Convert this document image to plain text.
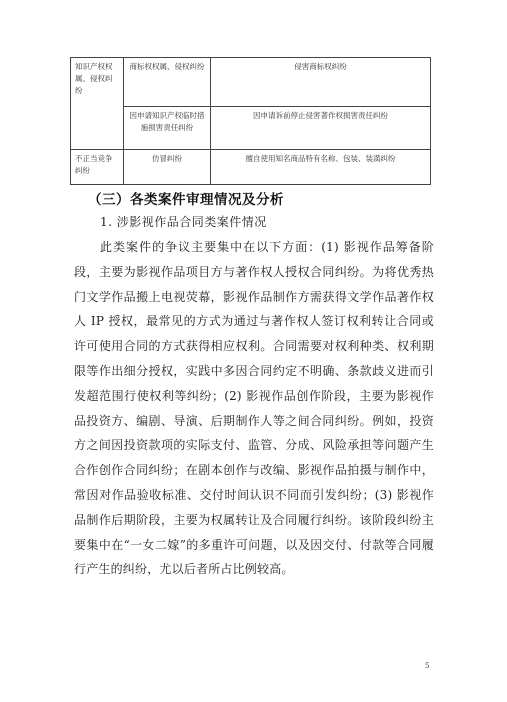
知识产权权属、侵权纠纷	商标权权属、侵权纠纷	侵害商标权纠纷
	因申请知识产权临时措施损害责任纠纷	因申请诉前停止侵害著作权损害责任纠纷
不正当竞争纠纷	仿冒纠纷	擅自使用知名商品特有名称、包装、装潢纠纷
（三）各类案件审理情况及分析
1. 涉影视作品合同类案件情况

此类案件的争议主要集中在以下方面：(1) 影视作品筹备阶段，主要为影视作品项目方与著作权人授权合同纠纷。为将优秀热门文学作品搬上电视荧幕，影视作品制作方需获得文学作品著作权人 IP 授权，最常见的方式为通过与著作权人签订权利转让合同或许可使用合同的方式获得相应权利。合同需要对权利种类、权利期限等作出细分授权，实践中多因合同约定不明确、条款歧义进而引发超范围行使权利等纠纷；(2) 影视作品创作阶段，主要为影视作品投资方、编剧、导演、后期制作人等之间合同纠纷。例如，投资方之间因投资款项的实际支付、监管、分成、风险承担等问题产生合作创作合同纠纷；在剧本创作与改编、影视作品拍摄与制作中，常因对作品验收标准、交付时间认识不同而引发纠纷；(3) 影视作品制作后期阶段，主要为权属转让及合同履行纠纷。该阶段纠纷主要集中在“一女二嫁”的多重许可问题，以及因交付、付款等合同履行产生的纠纷，尤以后者所占比例较高。

5
